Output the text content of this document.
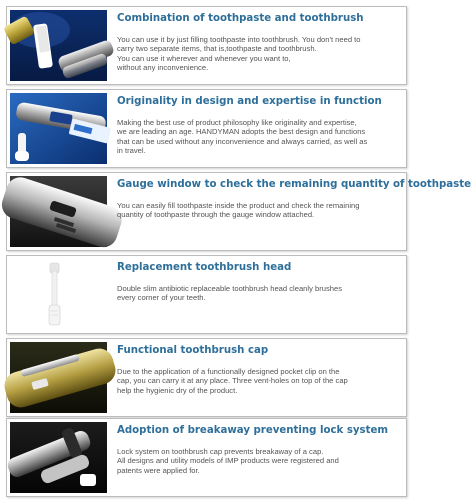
Combination of toothpaste and toothbrush
You can use it by just filling toothpaste into toothbrush. You don't need to
carry two separate items, that is,toothpaste and toothbrush.
You can use it wherever and whenever you want to,
without any inconvenience.
Originality in design and expertise in function
Making the best use of product philosophy like originality and expertise,
we are leading an age. HANDYMAN adopts the best design and functions
that can be used without any inconvenience and always carried, as well as
in travel.
Gauge window to check the remaining quantity of toothpaste
You can easily fill toothpaste inside the product and check the remaining
quantity of toothpaste through the gauge window attached.
Replacement toothbrush head
Double slim antibiotic replaceable toothbrush head cleanly brushes
every corner of your teeth.
Functional toothbrush cap
Due to the application of a functionally designed pocket clip on the
cap, you can carry it at any place. Three vent-holes on top of the cap
help the hygienic dry of the product.
Adoption of breakaway preventing lock system
Lock system on toothbrush cap prevents breakaway of a cap.
All designs and utility models of IMP products were registered and
patents were applied for.
